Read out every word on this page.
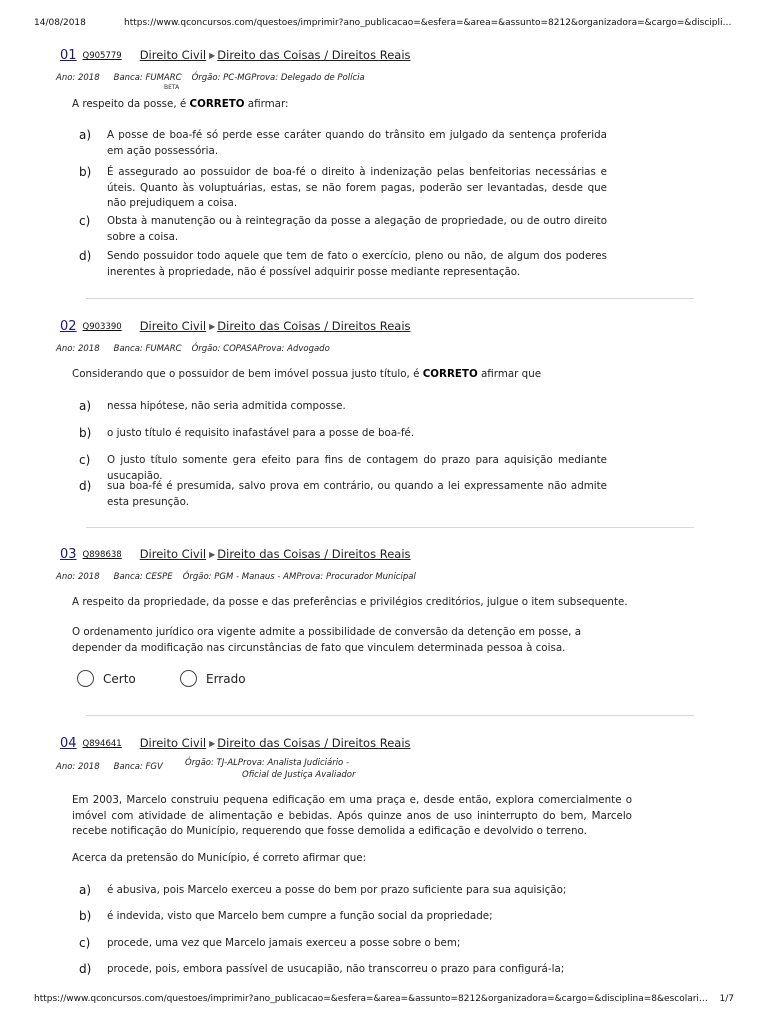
14/08/2018	https://www.qconcursos.com/questoes/imprimir?ano_publicacao=&esfera=&area=&assunto=8212&organizadora=&cargo=&discipli…
01 Q905779 Direito Civil ▶ Direito das Coisas / Direitos Reais
Ano: 2018 Banca: FUMARC Órgão: PC-MGProva: Delegado de Polícia
BETA
A respeito da posse, é CORRETO afirmar:
a) A posse de boa-fé só perde esse caráter quando do trânsito em julgado da sentença proferida em ação possessória.
b) É assegurado ao possuidor de boa-fé o direito à indenização pelas benfeitorias necessárias e úteis. Quanto às voluptuárias, estas, se não forem pagas, poderão ser levantadas, desde que não prejudiquem a coisa.
c) Obsta à manutenção ou à reintegração da posse a alegação de propriedade, ou de outro direito sobre a coisa.
d) Sendo possuidor todo aquele que tem de fato o exercício, pleno ou não, de algum dos poderes inerentes à propriedade, não é possível adquirir posse mediante representação.
02 Q903390 Direito Civil ▶ Direito das Coisas / Direitos Reais
Ano: 2018 Banca: FUMARC Órgão: COPASAProva: Advogado
Considerando que o possuidor de bem imóvel possua justo título, é CORRETO afirmar que
a) nessa hipótese, não seria admitida composse.
b) o justo título é requisito inafastável para a posse de boa-fé.
c) O justo título somente gera efeito para fins de contagem do prazo para aquisição mediante usucapião.
d) sua boa-fé é presumida, salvo prova em contrário, ou quando a lei expressamente não admite esta presunção.
03 Q898638 Direito Civil ▶ Direito das Coisas / Direitos Reais
Ano: 2018 Banca: CESPE Órgão: PGM - Manaus - AMProva: Procurador Municipal
A respeito da propriedade, da posse e das preferências e privilégios creditórios, julgue o item subsequente.
O ordenamento jurídico ora vigente admite a possibilidade de conversão da detenção em posse, a depender da modificação nas circunstâncias de fato que vinculem determinada pessoa à coisa.
Certo	Errado
04 Q894641 Direito Civil ▶ Direito das Coisas / Direitos Reais
Ano: 2018 Banca: FGV	Órgão: TJ-ALProva: Analista Judiciário -
Oficial de Justiça Avaliador
Em 2003, Marcelo construiu pequena edificação em uma praça e, desde então, explora comercialmente o imóvel com atividade de alimentação e bebidas. Após quinze anos de uso ininterrupto do bem, Marcelo recebe notificação do Município, requerendo que fosse demolida a edificação e devolvido o terreno.
Acerca da pretensão do Município, é correto afirmar que:
a) é abusiva, pois Marcelo exerceu a posse do bem por prazo suficiente para sua aquisição;
b) é indevida, visto que Marcelo bem cumpre a função social da propriedade;
c) procede, uma vez que Marcelo jamais exerceu a posse sobre o bem;
d) procede, pois, embora passível de usucapião, não transcorreu o prazo para configurá-la;
https://www.qconcursos.com/questoes/imprimir?ano_publicacao=&esfera=&area=&assunto=8212&organizadora=&cargo=&disciplina=8&escolari… 1/7
